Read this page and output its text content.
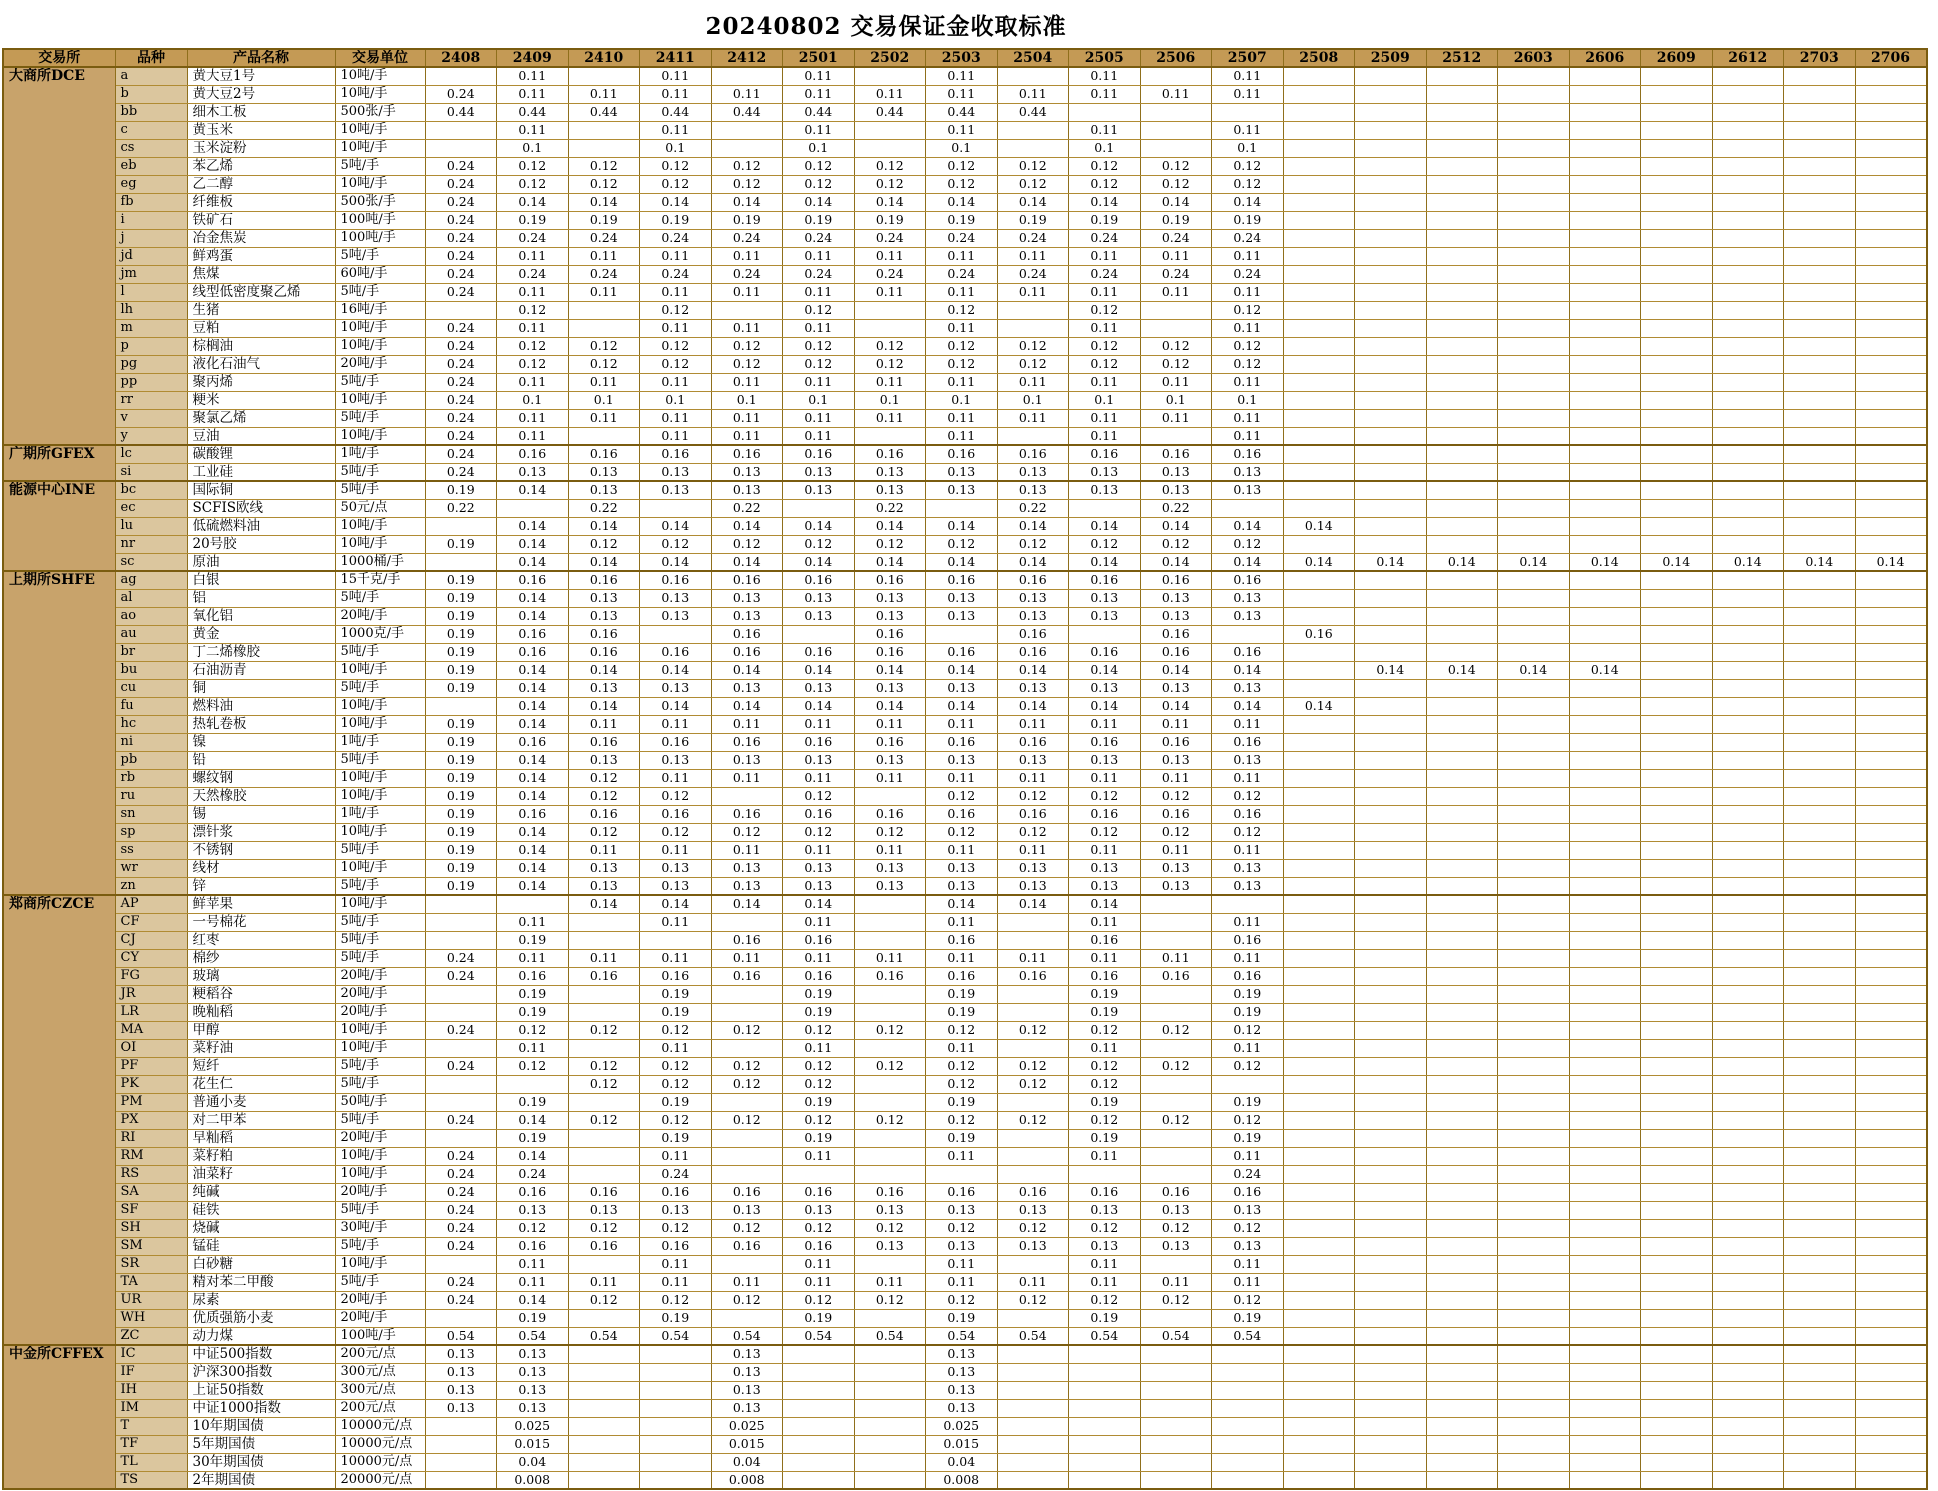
20240802 交易保证金收取标准
交易所	品种	产品名称	交易单位	2408	2409	2410	2411	2412	2501	2502	2503	2504	2505	2506	2507	2508	2509	2512	2603	2606	2609	2612	2703	2706
大商所DCE	a	黄大豆1号	10吨/手		0.11		0.11		0.11		0.11		0.11		0.11									
	b	黄大豆2号	10吨/手	0.24	0.11	0.11	0.11	0.11	0.11	0.11	0.11	0.11	0.11	0.11	0.11									
	bb	细木工板	500张/手	0.44	0.44	0.44	0.44	0.44	0.44	0.44	0.44	0.44												
	c	黄玉米	10吨/手		0.11		0.11		0.11		0.11		0.11		0.11									
	cs	玉米淀粉	10吨/手		0.1		0.1		0.1		0.1		0.1		0.1									
	eb	苯乙烯	5吨/手	0.24	0.12	0.12	0.12	0.12	0.12	0.12	0.12	0.12	0.12	0.12	0.12									
	eg	乙二醇	10吨/手	0.24	0.12	0.12	0.12	0.12	0.12	0.12	0.12	0.12	0.12	0.12	0.12									
	fb	纤维板	500张/手	0.24	0.14	0.14	0.14	0.14	0.14	0.14	0.14	0.14	0.14	0.14	0.14									
	i	铁矿石	100吨/手	0.24	0.19	0.19	0.19	0.19	0.19	0.19	0.19	0.19	0.19	0.19	0.19									
	j	冶金焦炭	100吨/手	0.24	0.24	0.24	0.24	0.24	0.24	0.24	0.24	0.24	0.24	0.24	0.24									
	jd	鲜鸡蛋	5吨/手	0.24	0.11	0.11	0.11	0.11	0.11	0.11	0.11	0.11	0.11	0.11	0.11									
	jm	焦煤	60吨/手	0.24	0.24	0.24	0.24	0.24	0.24	0.24	0.24	0.24	0.24	0.24	0.24									
	l	线型低密度聚乙烯	5吨/手	0.24	0.11	0.11	0.11	0.11	0.11	0.11	0.11	0.11	0.11	0.11	0.11									
	lh	生猪	16吨/手		0.12		0.12		0.12		0.12		0.12		0.12									
	m	豆粕	10吨/手	0.24	0.11		0.11	0.11	0.11		0.11		0.11		0.11									
	p	棕榈油	10吨/手	0.24	0.12	0.12	0.12	0.12	0.12	0.12	0.12	0.12	0.12	0.12	0.12									
	pg	液化石油气	20吨/手	0.24	0.12	0.12	0.12	0.12	0.12	0.12	0.12	0.12	0.12	0.12	0.12									
	pp	聚丙烯	5吨/手	0.24	0.11	0.11	0.11	0.11	0.11	0.11	0.11	0.11	0.11	0.11	0.11									
	rr	粳米	10吨/手	0.24	0.1	0.1	0.1	0.1	0.1	0.1	0.1	0.1	0.1	0.1	0.1									
	v	聚氯乙烯	5吨/手	0.24	0.11	0.11	0.11	0.11	0.11	0.11	0.11	0.11	0.11	0.11	0.11									
	y	豆油	10吨/手	0.24	0.11		0.11	0.11	0.11		0.11		0.11		0.11									
广期所GFEX	lc	碳酸锂	1吨/手	0.24	0.16	0.16	0.16	0.16	0.16	0.16	0.16	0.16	0.16	0.16	0.16									
	si	工业硅	5吨/手	0.24	0.13	0.13	0.13	0.13	0.13	0.13	0.13	0.13	0.13	0.13	0.13									
能源中心INE	bc	国际铜	5吨/手	0.19	0.14	0.13	0.13	0.13	0.13	0.13	0.13	0.13	0.13	0.13	0.13									
	ec	SCFIS欧线	50元/点	0.22		0.22		0.22		0.22		0.22		0.22										
	lu	低硫燃料油	10吨/手		0.14	0.14	0.14	0.14	0.14	0.14	0.14	0.14	0.14	0.14	0.14	0.14								
	nr	20号胶	10吨/手	0.19	0.14	0.12	0.12	0.12	0.12	0.12	0.12	0.12	0.12	0.12	0.12									
	sc	原油	1000桶/手		0.14	0.14	0.14	0.14	0.14	0.14	0.14	0.14	0.14	0.14	0.14	0.14	0.14	0.14	0.14	0.14	0.14	0.14	0.14	0.14
上期所SHFE	ag	白银	15千克/手	0.19	0.16	0.16	0.16	0.16	0.16	0.16	0.16	0.16	0.16	0.16	0.16									
	al	铝	5吨/手	0.19	0.14	0.13	0.13	0.13	0.13	0.13	0.13	0.13	0.13	0.13	0.13									
	ao	氧化铝	20吨/手	0.19	0.14	0.13	0.13	0.13	0.13	0.13	0.13	0.13	0.13	0.13	0.13									
	au	黄金	1000克/手	0.19	0.16	0.16		0.16		0.16		0.16		0.16		0.16								
	br	丁二烯橡胶	5吨/手	0.19	0.16	0.16	0.16	0.16	0.16	0.16	0.16	0.16	0.16	0.16	0.16									
	bu	石油沥青	10吨/手	0.19	0.14	0.14	0.14	0.14	0.14	0.14	0.14	0.14	0.14	0.14	0.14		0.14	0.14	0.14	0.14				
	cu	铜	5吨/手	0.19	0.14	0.13	0.13	0.13	0.13	0.13	0.13	0.13	0.13	0.13	0.13									
	fu	燃料油	10吨/手		0.14	0.14	0.14	0.14	0.14	0.14	0.14	0.14	0.14	0.14	0.14	0.14								
	hc	热轧卷板	10吨/手	0.19	0.14	0.11	0.11	0.11	0.11	0.11	0.11	0.11	0.11	0.11	0.11									
	ni	镍	1吨/手	0.19	0.16	0.16	0.16	0.16	0.16	0.16	0.16	0.16	0.16	0.16	0.16									
	pb	铅	5吨/手	0.19	0.14	0.13	0.13	0.13	0.13	0.13	0.13	0.13	0.13	0.13	0.13									
	rb	螺纹钢	10吨/手	0.19	0.14	0.12	0.11	0.11	0.11	0.11	0.11	0.11	0.11	0.11	0.11									
	ru	天然橡胶	10吨/手	0.19	0.14	0.12	0.12		0.12		0.12	0.12	0.12	0.12	0.12									
	sn	锡	1吨/手	0.19	0.16	0.16	0.16	0.16	0.16	0.16	0.16	0.16	0.16	0.16	0.16									
	sp	漂针浆	10吨/手	0.19	0.14	0.12	0.12	0.12	0.12	0.12	0.12	0.12	0.12	0.12	0.12									
	ss	不锈钢	5吨/手	0.19	0.14	0.11	0.11	0.11	0.11	0.11	0.11	0.11	0.11	0.11	0.11									
	wr	线材	10吨/手	0.19	0.14	0.13	0.13	0.13	0.13	0.13	0.13	0.13	0.13	0.13	0.13									
	zn	锌	5吨/手	0.19	0.14	0.13	0.13	0.13	0.13	0.13	0.13	0.13	0.13	0.13	0.13									
郑商所CZCE	AP	鲜苹果	10吨/手			0.14	0.14	0.14	0.14		0.14	0.14	0.14											
	CF	一号棉花	5吨/手		0.11		0.11		0.11		0.11		0.11		0.11									
	CJ	红枣	5吨/手		0.19			0.16	0.16		0.16		0.16		0.16									
	CY	棉纱	5吨/手	0.24	0.11	0.11	0.11	0.11	0.11	0.11	0.11	0.11	0.11	0.11	0.11									
	FG	玻璃	20吨/手	0.24	0.16	0.16	0.16	0.16	0.16	0.16	0.16	0.16	0.16	0.16	0.16									
	JR	粳稻谷	20吨/手		0.19		0.19		0.19		0.19		0.19		0.19									
	LR	晚籼稻	20吨/手		0.19		0.19		0.19		0.19		0.19		0.19									
	MA	甲醇	10吨/手	0.24	0.12	0.12	0.12	0.12	0.12	0.12	0.12	0.12	0.12	0.12	0.12									
	OI	菜籽油	10吨/手		0.11		0.11		0.11		0.11		0.11		0.11									
	PF	短纤	5吨/手	0.24	0.12	0.12	0.12	0.12	0.12	0.12	0.12	0.12	0.12	0.12	0.12									
	PK	花生仁	5吨/手			0.12	0.12	0.12	0.12		0.12	0.12	0.12											
	PM	普通小麦	50吨/手		0.19		0.19		0.19		0.19		0.19		0.19									
	PX	对二甲苯	5吨/手	0.24	0.14	0.12	0.12	0.12	0.12	0.12	0.12	0.12	0.12	0.12	0.12									
	RI	早籼稻	20吨/手		0.19		0.19		0.19		0.19		0.19		0.19									
	RM	菜籽粕	10吨/手	0.24	0.14		0.11		0.11		0.11		0.11		0.11									
	RS	油菜籽	10吨/手	0.24	0.24		0.24								0.24									
	SA	纯碱	20吨/手	0.24	0.16	0.16	0.16	0.16	0.16	0.16	0.16	0.16	0.16	0.16	0.16									
	SF	硅铁	5吨/手	0.24	0.13	0.13	0.13	0.13	0.13	0.13	0.13	0.13	0.13	0.13	0.13									
	SH	烧碱	30吨/手	0.24	0.12	0.12	0.12	0.12	0.12	0.12	0.12	0.12	0.12	0.12	0.12									
	SM	锰硅	5吨/手	0.24	0.16	0.16	0.16	0.16	0.16	0.13	0.13	0.13	0.13	0.13	0.13									
	SR	白砂糖	10吨/手		0.11		0.11		0.11		0.11		0.11		0.11									
	TA	精对苯二甲酸	5吨/手	0.24	0.11	0.11	0.11	0.11	0.11	0.11	0.11	0.11	0.11	0.11	0.11									
	UR	尿素	20吨/手	0.24	0.14	0.12	0.12	0.12	0.12	0.12	0.12	0.12	0.12	0.12	0.12									
	WH	优质强筋小麦	20吨/手		0.19		0.19		0.19		0.19		0.19		0.19									
	ZC	动力煤	100吨/手	0.54	0.54	0.54	0.54	0.54	0.54	0.54	0.54	0.54	0.54	0.54	0.54									
中金所CFFEX	IC	中证500指数	200元/点	0.13	0.13			0.13			0.13													
	IF	沪深300指数	300元/点	0.13	0.13			0.13			0.13													
	IH	上证50指数	300元/点	0.13	0.13			0.13			0.13													
	IM	中证1000指数	200元/点	0.13	0.13			0.13			0.13													
	T	10年期国债	10000元/点		0.025			0.025			0.025													
	TF	5年期国债	10000元/点		0.015			0.015			0.015													
	TL	30年期国债	10000元/点		0.04			0.04			0.04													
	TS	2年期国债	20000元/点		0.008			0.008			0.008													
